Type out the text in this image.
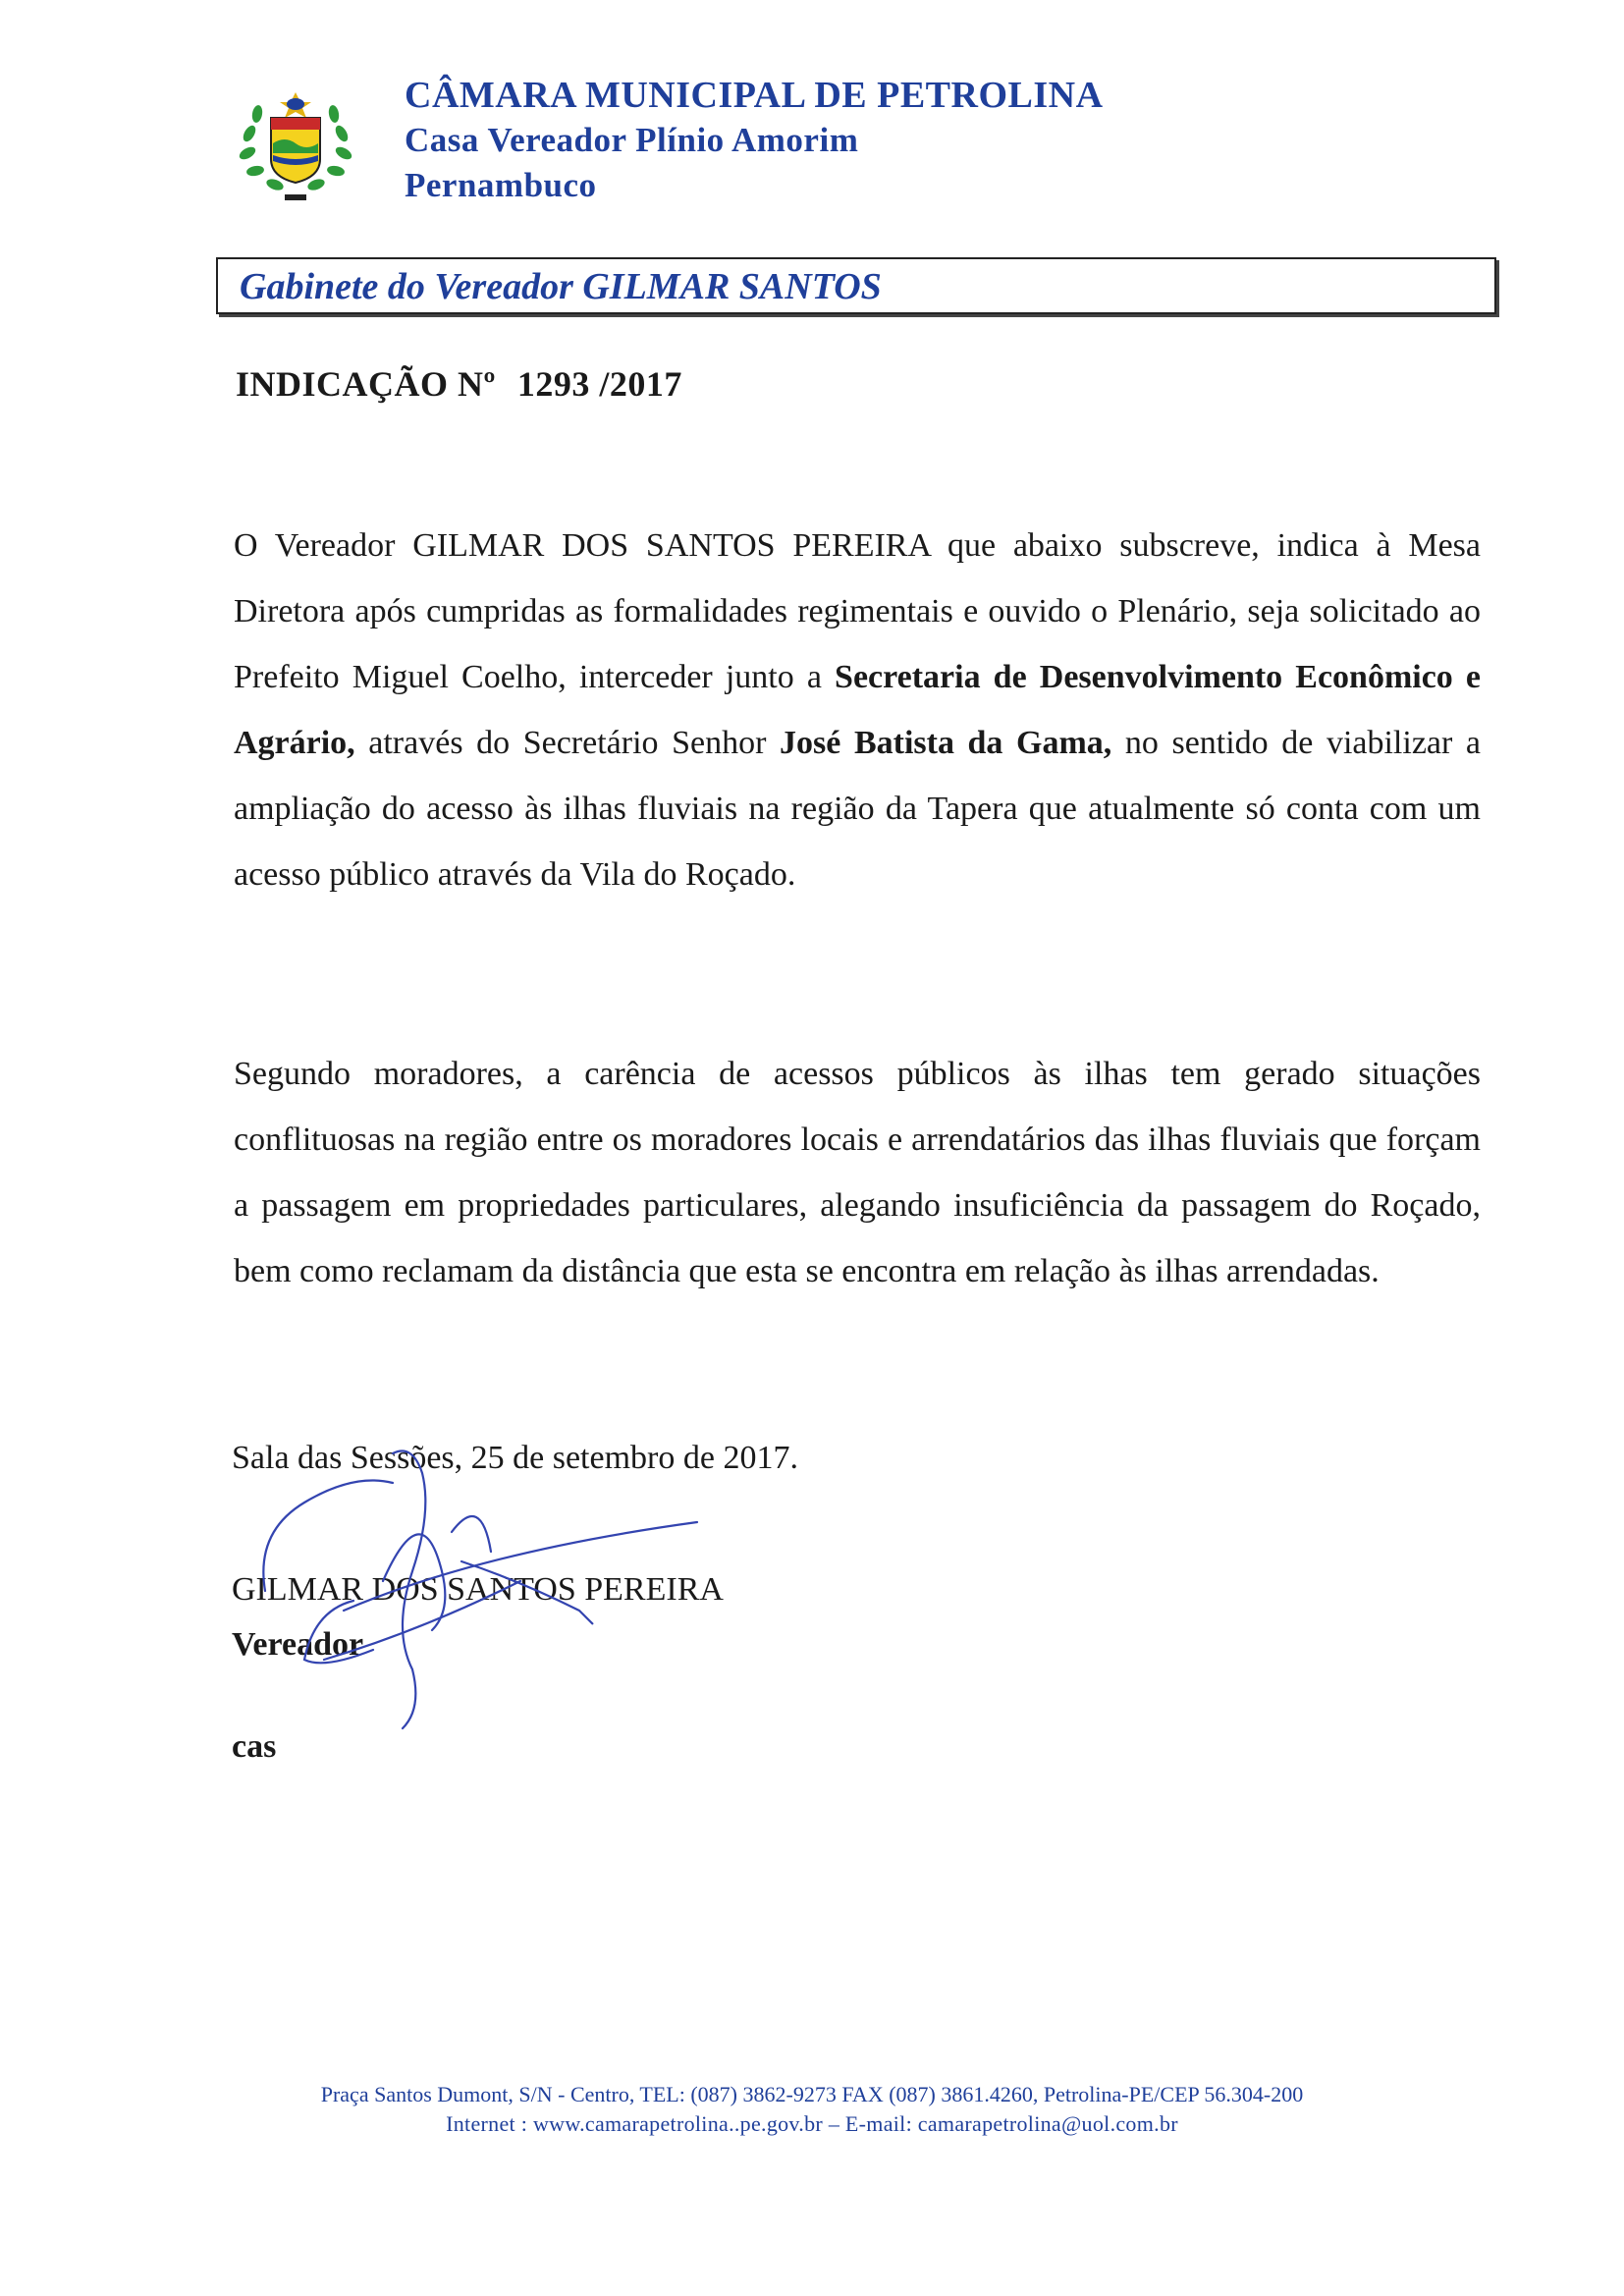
CÂMARA MUNICIPAL DE PETROLINA
Casa Vereador Plínio Amorim
Pernambuco
Gabinete do Vereador GILMAR SANTOS
INDICAÇÃO Nº 1293 /2017
O Vereador GILMAR DOS SANTOS PEREIRA que abaixo subscreve, indica à Mesa Diretora após cumpridas as formalidades regimentais e ouvido o Plenário, seja solicitado ao Prefeito Miguel Coelho, interceder junto a Secretaria de Desenvolvimento Econômico e Agrário, através do Secretário Senhor José Batista da Gama, no sentido de viabilizar a ampliação do acesso às ilhas fluviais na região da Tapera que atualmente só conta com um acesso público através da Vila do Roçado.
Segundo moradores, a carência de acessos públicos às ilhas tem gerado situações conflituosas na região entre os moradores locais e arrendatários das ilhas fluviais que forçam a passagem em propriedades particulares, alegando insuficiência da passagem do Roçado, bem como reclamam da distância que esta se encontra em relação às ilhas arrendadas.
Sala das Sessões, 25 de setembro de 2017.
GILMAR DOS SANTOS PEREIRA
Vereador
cas
Praça Santos Dumont, S/N - Centro, TEL: (087) 3862-9273 FAX (087) 3861.4260, Petrolina-PE/CEP 56.304-200
Internet : www.camarapetrolina..pe.gov.br – E-mail: camarapetrolina@uol.com.br
